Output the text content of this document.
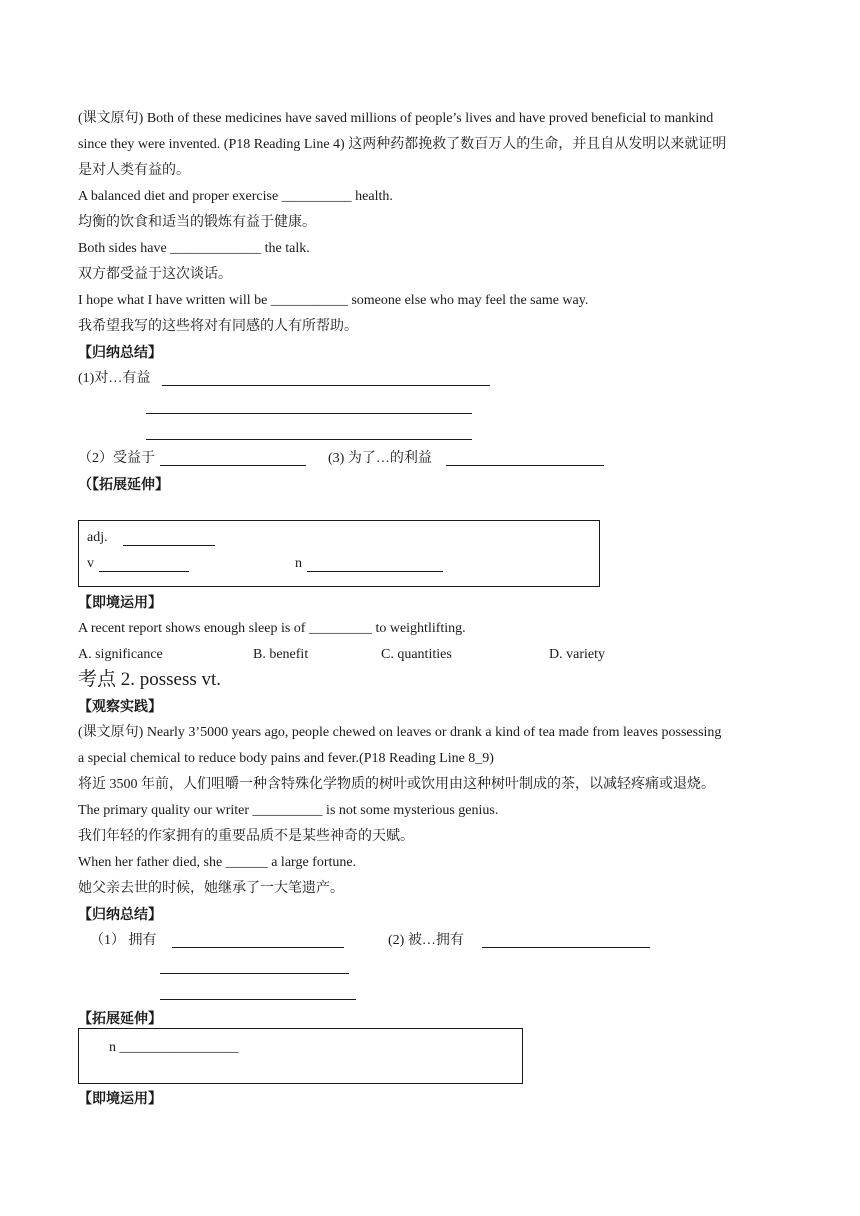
(课文原句) Both of these medicines have saved millions of people’s lives and have proved beneficial to mankind
since they were invented. (P18 Reading Line 4) 这两种药都挽救了数百万人的生命，并且自从发明以来就证明
是对人类有益的。
A balanced diet and proper exercise __________ health.
均衡的饮食和适当的锻炼有益于健康。
Both sides have _____________ the talk.
双方都受益于这次谈话。
I hope what I have written will be ___________ someone else who may feel the same way.
我希望我写的这些将对有同感的人有所帮助。
【归纳总结】
(1)对…有益
（2）受益于	(3) 为了…的利益
（【拓展延伸】
adj.
v	n
【即境运用】
A recent report shows enough sleep is of _________ to weightlifting.
A. significance	B. benefit	C. quantities	D. variety
考点 2. possess vt.
【观察实践】
(课文原句) Nearly 3’5000 years ago, people chewed on leaves or drank a kind of tea made from leaves possessing
a special chemical to reduce body pains and fever.(P18 Reading Line 8_9)
将近 3500 年前，人们咀嚼一种含特殊化学物质的树叶或饮用由这种树叶制成的茶，以减轻疼痛或退烧。
The primary quality our writer __________ is not some mysterious genius.
我们年轻的作家拥有的重要品质不是某些神奇的天赋。
When her father died, she ______ a large fortune.
她父亲去世的时候，她继承了一大笔遗产。
【归纳总结】
（1） 拥有	(2) 被…拥有
【拓展延伸】
n _________________
【即境运用】
